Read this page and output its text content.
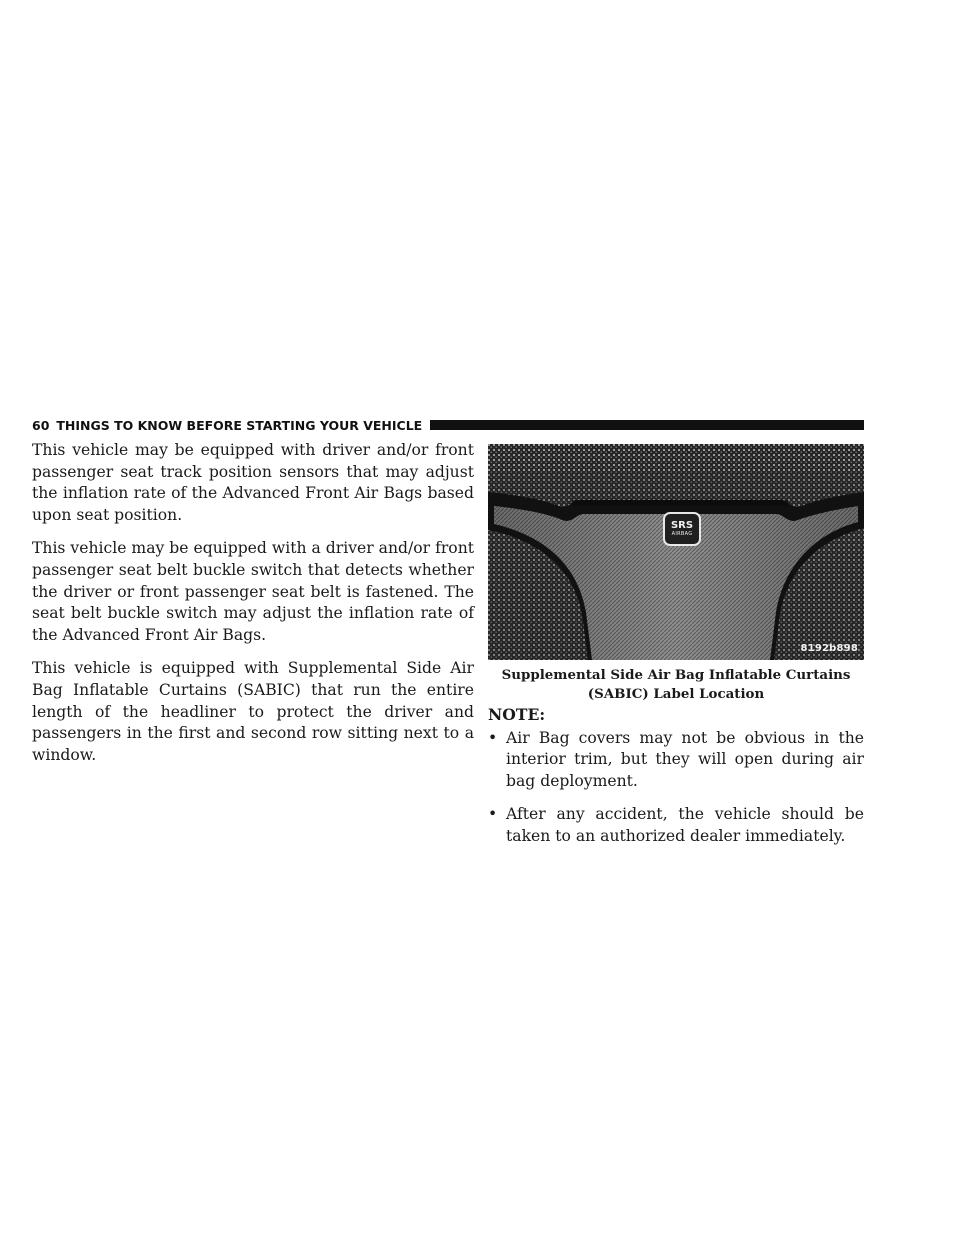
60 THINGS TO KNOW BEFORE STARTING YOUR VEHICLE

This vehicle may be equipped with driver and/or front passenger seat track position sensors that may adjust the inflation rate of the Advanced Front Air Bags based upon seat position.

This vehicle may be equipped with a driver and/or front passenger seat belt buckle switch that detects whether the driver or front passenger seat belt is fastened. The seat belt buckle switch may adjust the inflation rate of the Advanced Front Air Bags.

This vehicle is equipped with Supplemental Side Air Bag Inflatable Curtains (SABIC) that run the entire length of the headliner to protect the driver and passengers in the first and second row sitting next to a window.

SRS
AIRBAG
8192b898
Supplemental Side Air Bag Inflatable Curtains
(SABIC) Label Location
NOTE:
• Air Bag covers may not be obvious in the interior trim, but they will open during air bag deployment.
• After any accident, the vehicle should be taken to an authorized dealer immediately.
